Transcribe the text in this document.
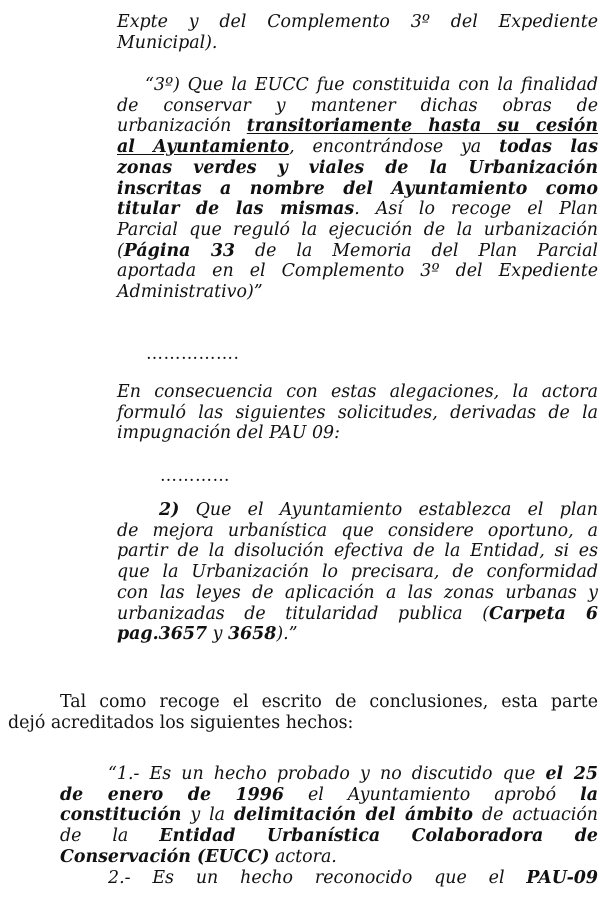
Expte y del Complemento 3º del Expediente
Municipal).
“3º) Que la EUCC fue constituida con la finalidad
de conservar y mantener dichas obras de
urbanización transitoriamente hasta su cesión
al Ayuntamiento, encontrándose ya todas las
zonas verdes y viales de la Urbanización
inscritas a nombre del Ayuntamiento como
titular de las mismas. Así lo recoge el Plan
Parcial que reguló la ejecución de la urbanización
(Página 33 de la Memoria del Plan Parcial
aportada en el Complemento 3º del Expediente
Administrativo)”
…………….
En consecuencia con estas alegaciones, la actora
formuló las siguientes solicitudes, derivadas de la
impugnación del PAU 09:
…………
2) Que el Ayuntamiento establezca el plan
de mejora urbanística que considere oportuno, a
partir de la disolución efectiva de la Entidad, si es
que la Urbanización lo precisara, de conformidad
con las leyes de aplicación a las zonas urbanas y
urbanizadas de titularidad publica (Carpeta 6
pag.3657 y 3658).”
Tal como recoge el escrito de conclusiones, esta parte
dejó acreditados los siguientes hechos:
“1.- Es un hecho probado y no discutido que el 25
de enero de 1996 el Ayuntamiento aprobó la
constitución y la delimitación del ámbito de actuación
de la Entidad Urbanística Colaboradora de
Conservación (EUCC) actora.
2.- Es un hecho reconocido que el PAU-09
